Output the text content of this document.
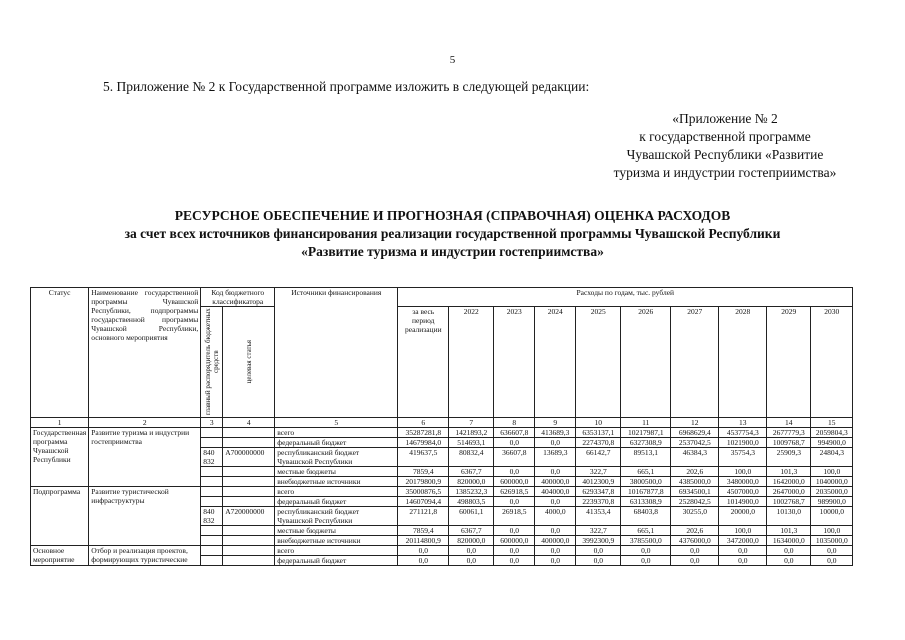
5
5. Приложение № 2 к Государственной программе изложить в следующей редакции:
«Приложение № 2
к государственной программе
Чувашской Республики «Развитие
туризма и индустрии гостеприимства»
РЕСУРСНОЕ ОБЕСПЕЧЕНИЕ И ПРОГНОЗНАЯ (СПРАВОЧНАЯ) ОЦЕНКА РАСХОДОВ
за счет всех источников финансирования реализации государственной программы Чувашской Республики
«Развитие туризма и индустрии гостеприимства»
Статус	Наименование государственной программы Чувашской Республики, подпрограммы государственной программы Чувашской Республики, основного мероприятия	Код бюджетного классификатора		Источники финансирования	Расходы по годам, тыс. рублей									

		главный распорядитель бюджетных средств	целевая статья		за весь период реализации	2022	2023	2024	2025	2026	2027	2028	2029	2030

1	2	3	4	5	6	7	8	9	10	11	12	13	14	15
Государственная программа Чувашской Республики	Развитие туризма и индустрии гостеприимства			всего	35287281,8	1421893,2	636607,8	413689,3	6353137,1	10217987,1	6968629,4	4537754,3	2677779,3	2059804,3
				федеральный бюджет	14679984,0	514693,1	0,0	0,0	2274370,8	6327308,9	2537042,5	1021900,0	1009768,7	994900,0
		840 832	А700000000	республиканский бюджет Чувашской Республики	419637,5	80832,4	36607,8	13689,3	66142,7	89513,1	46384,3	35754,3	25909,3	24804,3
				местные бюджеты	7859,4	6367,7	0,0	0,0	322,7	665,1	202,6	100,0	101,3	100,0
				внебюджетные источники	20179800,9	820000,0	600000,0	400000,0	4012300,9	3800500,0	4385000,0	3480000,0	1642000,0	1040000,0
Подпрограмма	Развитие туристической инфраструктуры			всего	35000876,5	1385232,3	626918,5	404000,0	6293347,8	10167877,8	6934500,1	4507000,0	2647000,0	2035000,0
				федеральный бюджет	14607094,4	498803,5	0,0	0,0	2239370,8	6313308,9	2528042,5	1014900,0	1002768,7	989900,0
		840 832	А720000000	республиканский бюджет Чувашской Республики	271121,8	60061,1	26918,5	4000,0	41353,4	68403,8	30255,0	20000,0	10130,0	10000,0
				местные бюджеты	7859,4	6367,7	0,0	0,0	322,7	665,1	202,6	100,0	101,3	100,0
				внебюджетные источники	20114800,9	820000,0	600000,0	400000,0	3992300,9	3785500,0	4376000,0	3472000,0	1634000,0	1035000,0
Основное мероприятие	Отбор и реализация проектов, формирующих туристические			всего	0,0	0,0	0,0	0,0	0,0	0,0	0,0	0,0	0,0	0,0
				федеральный бюджет	0,0	0,0	0,0	0,0	0,0	0,0	0,0	0,0	0,0	0,0
